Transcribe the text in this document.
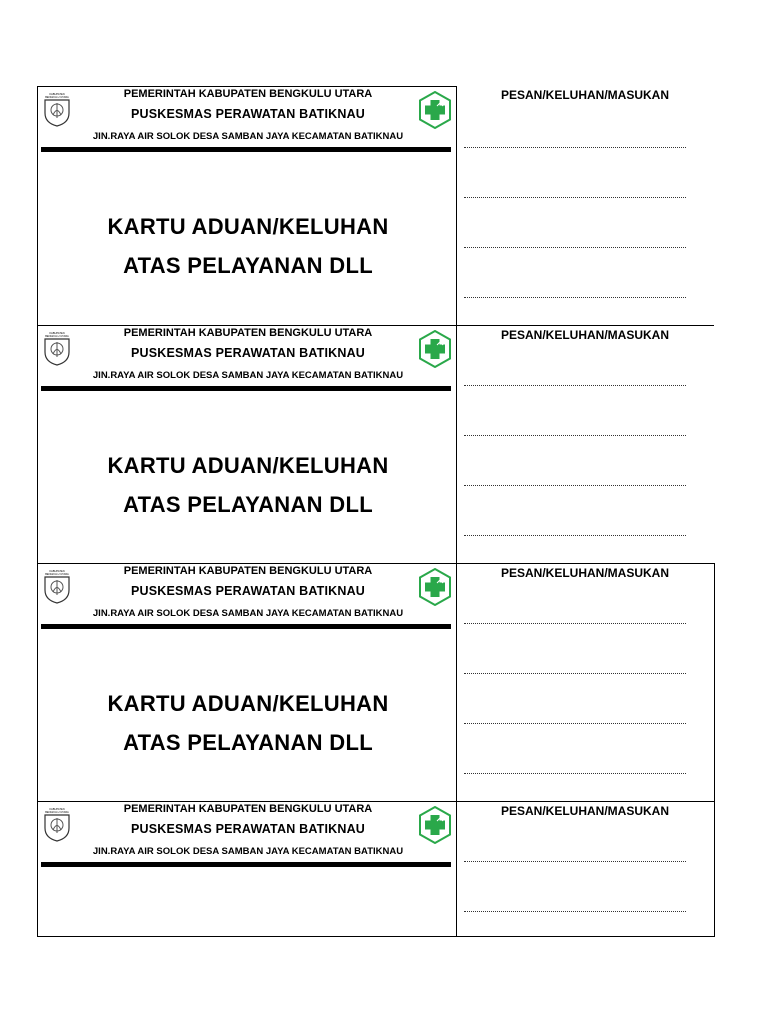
KABUPATEN
BENGKULU UTARA	PEMERINTAH KABUPATEN BENGKULU UTARA
PUSKESMAS PERAWATAN BATIKNAU
JIN.RAYA AIR SOLOK DESA SAMBAN JAYA KECAMATAN BATIKNAU
KARTU ADUAN/KELUHAN
ATAS PELAYANAN DLL
PESAN/KELUHAN/MASUKAN
KABUPATEN
BENGKULU UTARA	PEMERINTAH KABUPATEN BENGKULU UTARA
PUSKESMAS PERAWATAN BATIKNAU
JIN.RAYA AIR SOLOK DESA SAMBAN JAYA KECAMATAN BATIKNAU
KARTU ADUAN/KELUHAN
ATAS PELAYANAN DLL
PESAN/KELUHAN/MASUKAN
KABUPATEN
BENGKULU UTARA	PEMERINTAH KABUPATEN BENGKULU UTARA
PUSKESMAS PERAWATAN BATIKNAU
JIN.RAYA AIR SOLOK DESA SAMBAN JAYA KECAMATAN BATIKNAU
KARTU ADUAN/KELUHAN
ATAS PELAYANAN DLL
PESAN/KELUHAN/MASUKAN
KABUPATEN
BENGKULU UTARA	PEMERINTAH KABUPATEN BENGKULU UTARA
PUSKESMAS PERAWATAN BATIKNAU
JIN.RAYA AIR SOLOK DESA SAMBAN JAYA KECAMATAN BATIKNAU
PESAN/KELUHAN/MASUKAN
